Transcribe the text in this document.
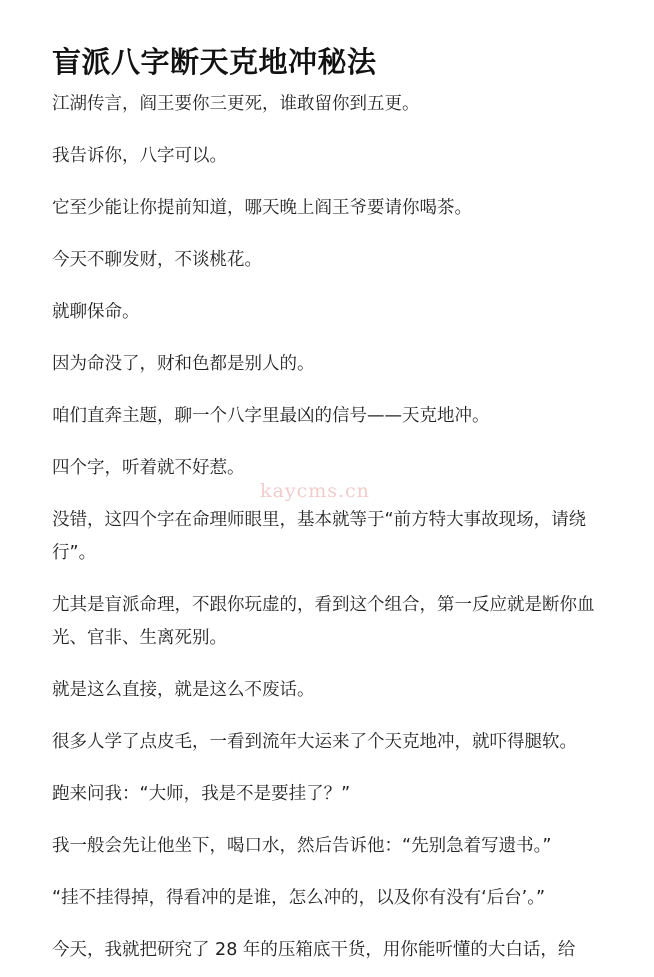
盲派八字断天克地冲秘法

江湖传言，阎王要你三更死，谁敢留你到五更。

我告诉你，八字可以。

它至少能让你提前知道，哪天晚上阎王爷要请你喝茶。

今天不聊发财，不谈桃花。

就聊保命。

因为命没了，财和色都是别人的。

咱们直奔主题，聊一个八字里最凶的信号——天克地冲。

四个字，听着就不好惹。

没错，这四个字在命理师眼里，基本就等于“前方特大事故现场，请绕行”。

尤其是盲派命理，不跟你玩虚的，看到这个组合，第一反应就是断你血光、官非、生离死别。

就是这么直接，就是这么不废话。

很多人学了点皮毛，一看到流年大运来了个天克地冲，就吓得腿软。

跑来问我：“大师，我是不是要挂了？”

我一般会先让他坐下，喝口水，然后告诉他：“先别急着写遗书。”

“挂不挂得掉，得看冲的是谁，怎么冲的，以及你有没有‘后台’。”

今天，我就把研究了 28 年的压箱底干货，用你能听懂的大白话，给

kaycms.cn
